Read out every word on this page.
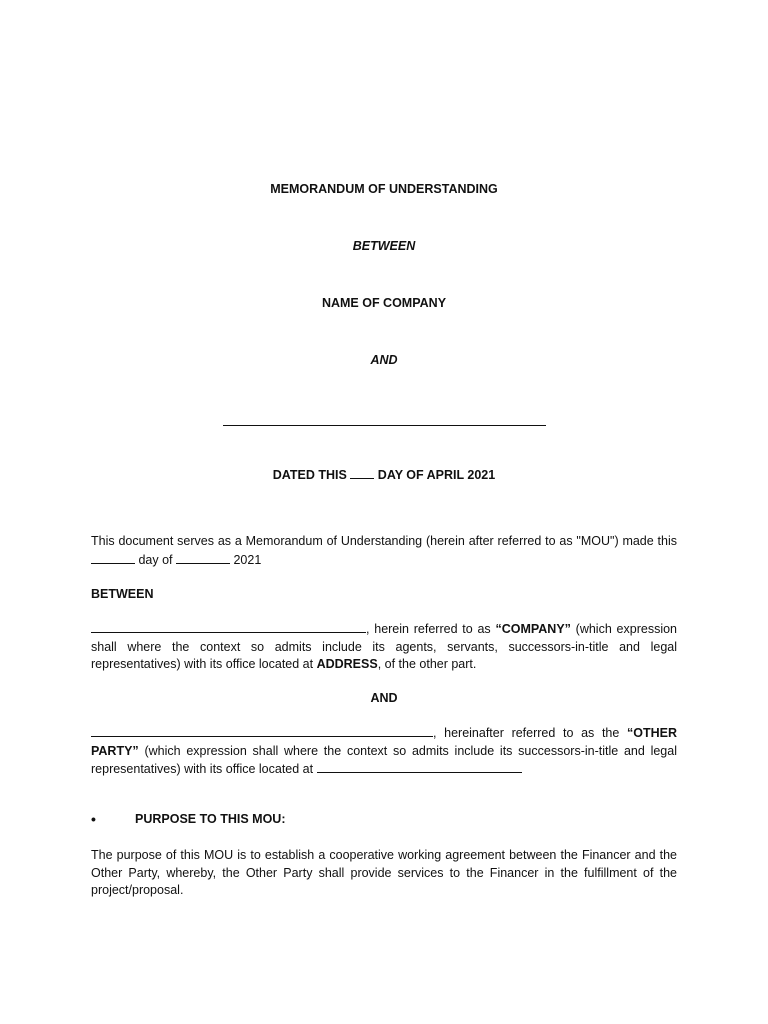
MEMORANDUM OF UNDERSTANDING
BETWEEN
NAME OF COMPANY
AND
DATED THIS  DAY OF APRIL 2021
This document serves as a Memorandum of Understanding (herein after referred to as "MOU") made this  day of	2021
BETWEEN
, herein referred to as “COMPANY” (which expression shall where the context so admits include its agents, servants, successors-in-title and legal representatives) with its office located at ADDRESS, of the other part.
AND
, hereinafter referred to as the “OTHER PARTY” (which expression shall where the context so admits include its successors-in-title and legal representatives) with its office located at
•	PURPOSE TO THIS MOU:
The purpose of this MOU is to establish a cooperative working agreement between the Financer and the Other Party, whereby, the Other Party shall provide services to the Financer in the fulfillment of the project/proposal.
